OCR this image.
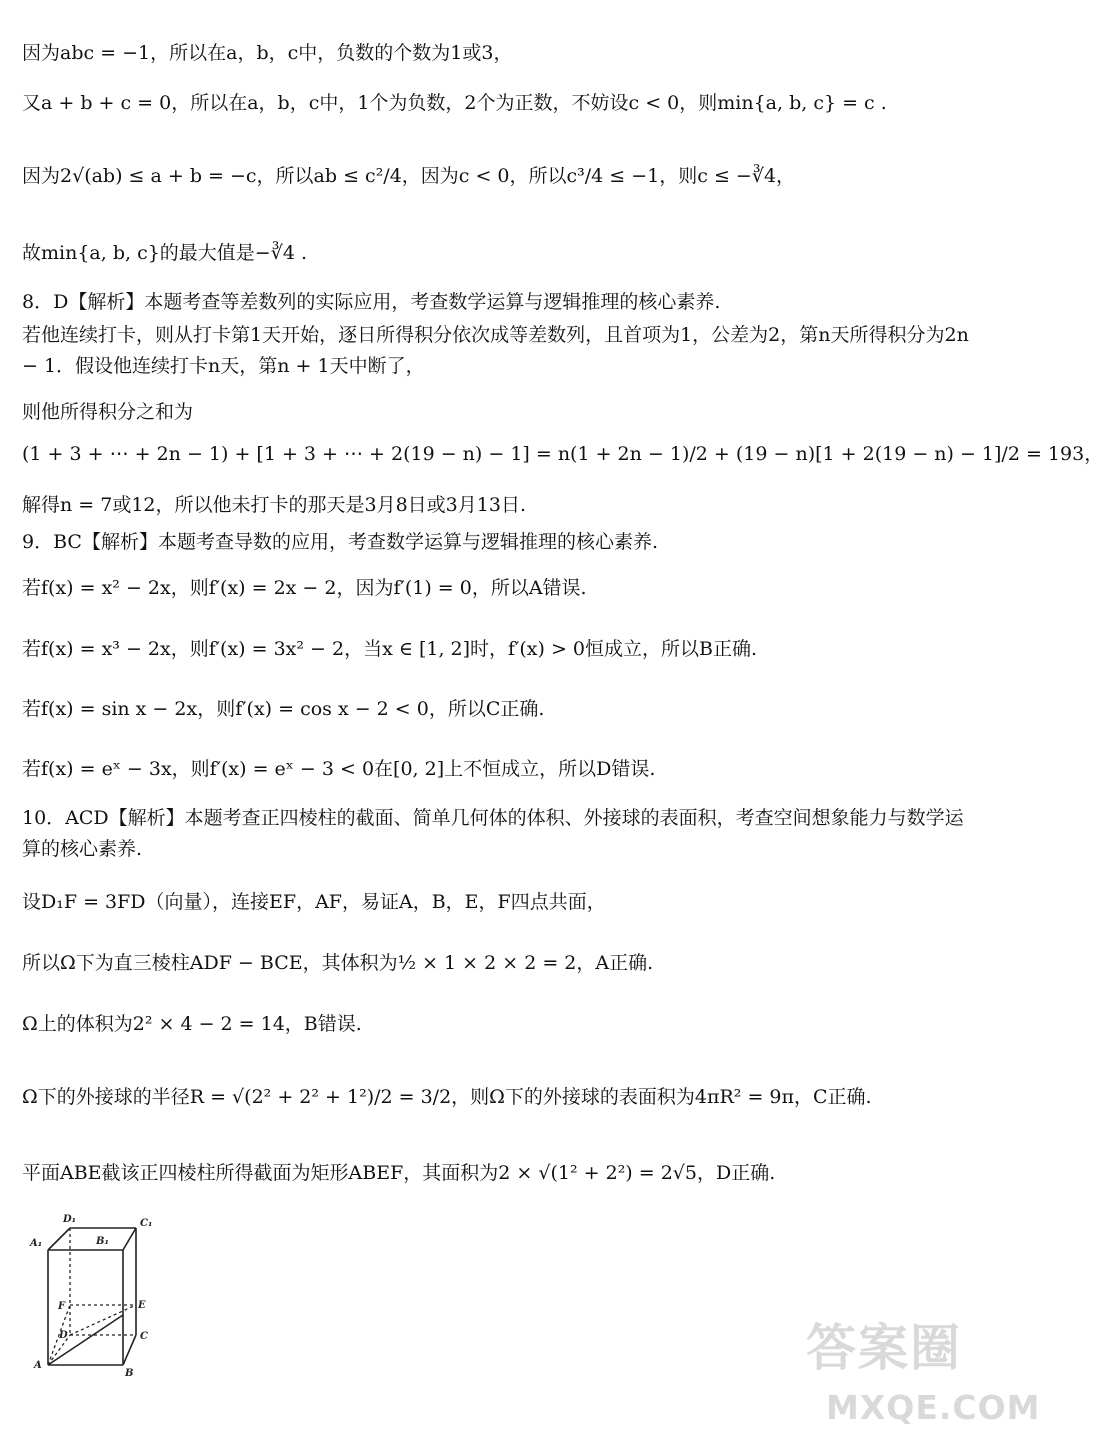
因为abc = −1，所以在a，b，c中，负数的个数为1或3，
又a + b + c = 0，所以在a，b，c中，1个为负数，2个为正数，不妨设c < 0，则min{a, b, c} = c .
因为2√(ab) ≤ a + b = −c，所以ab ≤ c²/4，因为c < 0，所以c³/4 ≤ −1，则c ≤ −∛4，
故min{a, b, c}的最大值是−∛4 .
8．D【解析】本题考查等差数列的实际应用，考查数学运算与逻辑推理的核心素养.
若他连续打卡，则从打卡第1天开始，逐日所得积分依次成等差数列，且首项为1，公差为2，第n天所得积分为2n − 1．假设他连续打卡n天，第n + 1天中断了，
则他所得积分之和为
(1 + 3 + ⋯ + 2n − 1) + [1 + 3 + ⋯ + 2(19 − n) − 1] = n(1 + 2n − 1)/2 + (19 − n)[1 + 2(19 − n) − 1]/2 = 193，
解得n = 7或12，所以他未打卡的那天是3月8日或3月13日.
9．BC【解析】本题考查导数的应用，考查数学运算与逻辑推理的核心素养.
若f(x) = x² − 2x，则f′(x) = 2x − 2，因为f′(1) = 0，所以A错误.
若f(x) = x³ − 2x，则f′(x) = 3x² − 2，当x ∈ [1, 2]时，f′(x) > 0恒成立，所以B正确.
若f(x) = sin x − 2x，则f′(x) = cos x − 2 < 0，所以C正确.
若f(x) = eˣ − 3x，则f′(x) = eˣ − 3 < 0在[0, 2]上不恒成立，所以D错误.
10．ACD【解析】本题考查正四棱柱的截面、简单几何体的体积、外接球的表面积，考查空间想象能力与数学运算的核心素养.
设D₁F = 3FD（向量），连接EF，AF，易证A，B，E，F四点共面，
所以Ω下为直三棱柱ADF − BCE，其体积为½ × 1 × 2 × 2 = 2，A正确.
Ω上的体积为2² × 4 − 2 = 14，B错误.
Ω下的外接球的半径R = √(2² + 2² + 1²)/2 = 3/2，则Ω下的外接球的表面积为4πR² = 9π，C正确.
平面ABE截该正四棱柱所得截面为矩形ABEF，其面积为2 × √(1² + 2²) = 2√5，D正确.
D₁	C₁
A₁	B₁
F	E
D	C
A
B	答案圈
MXQE.COM
